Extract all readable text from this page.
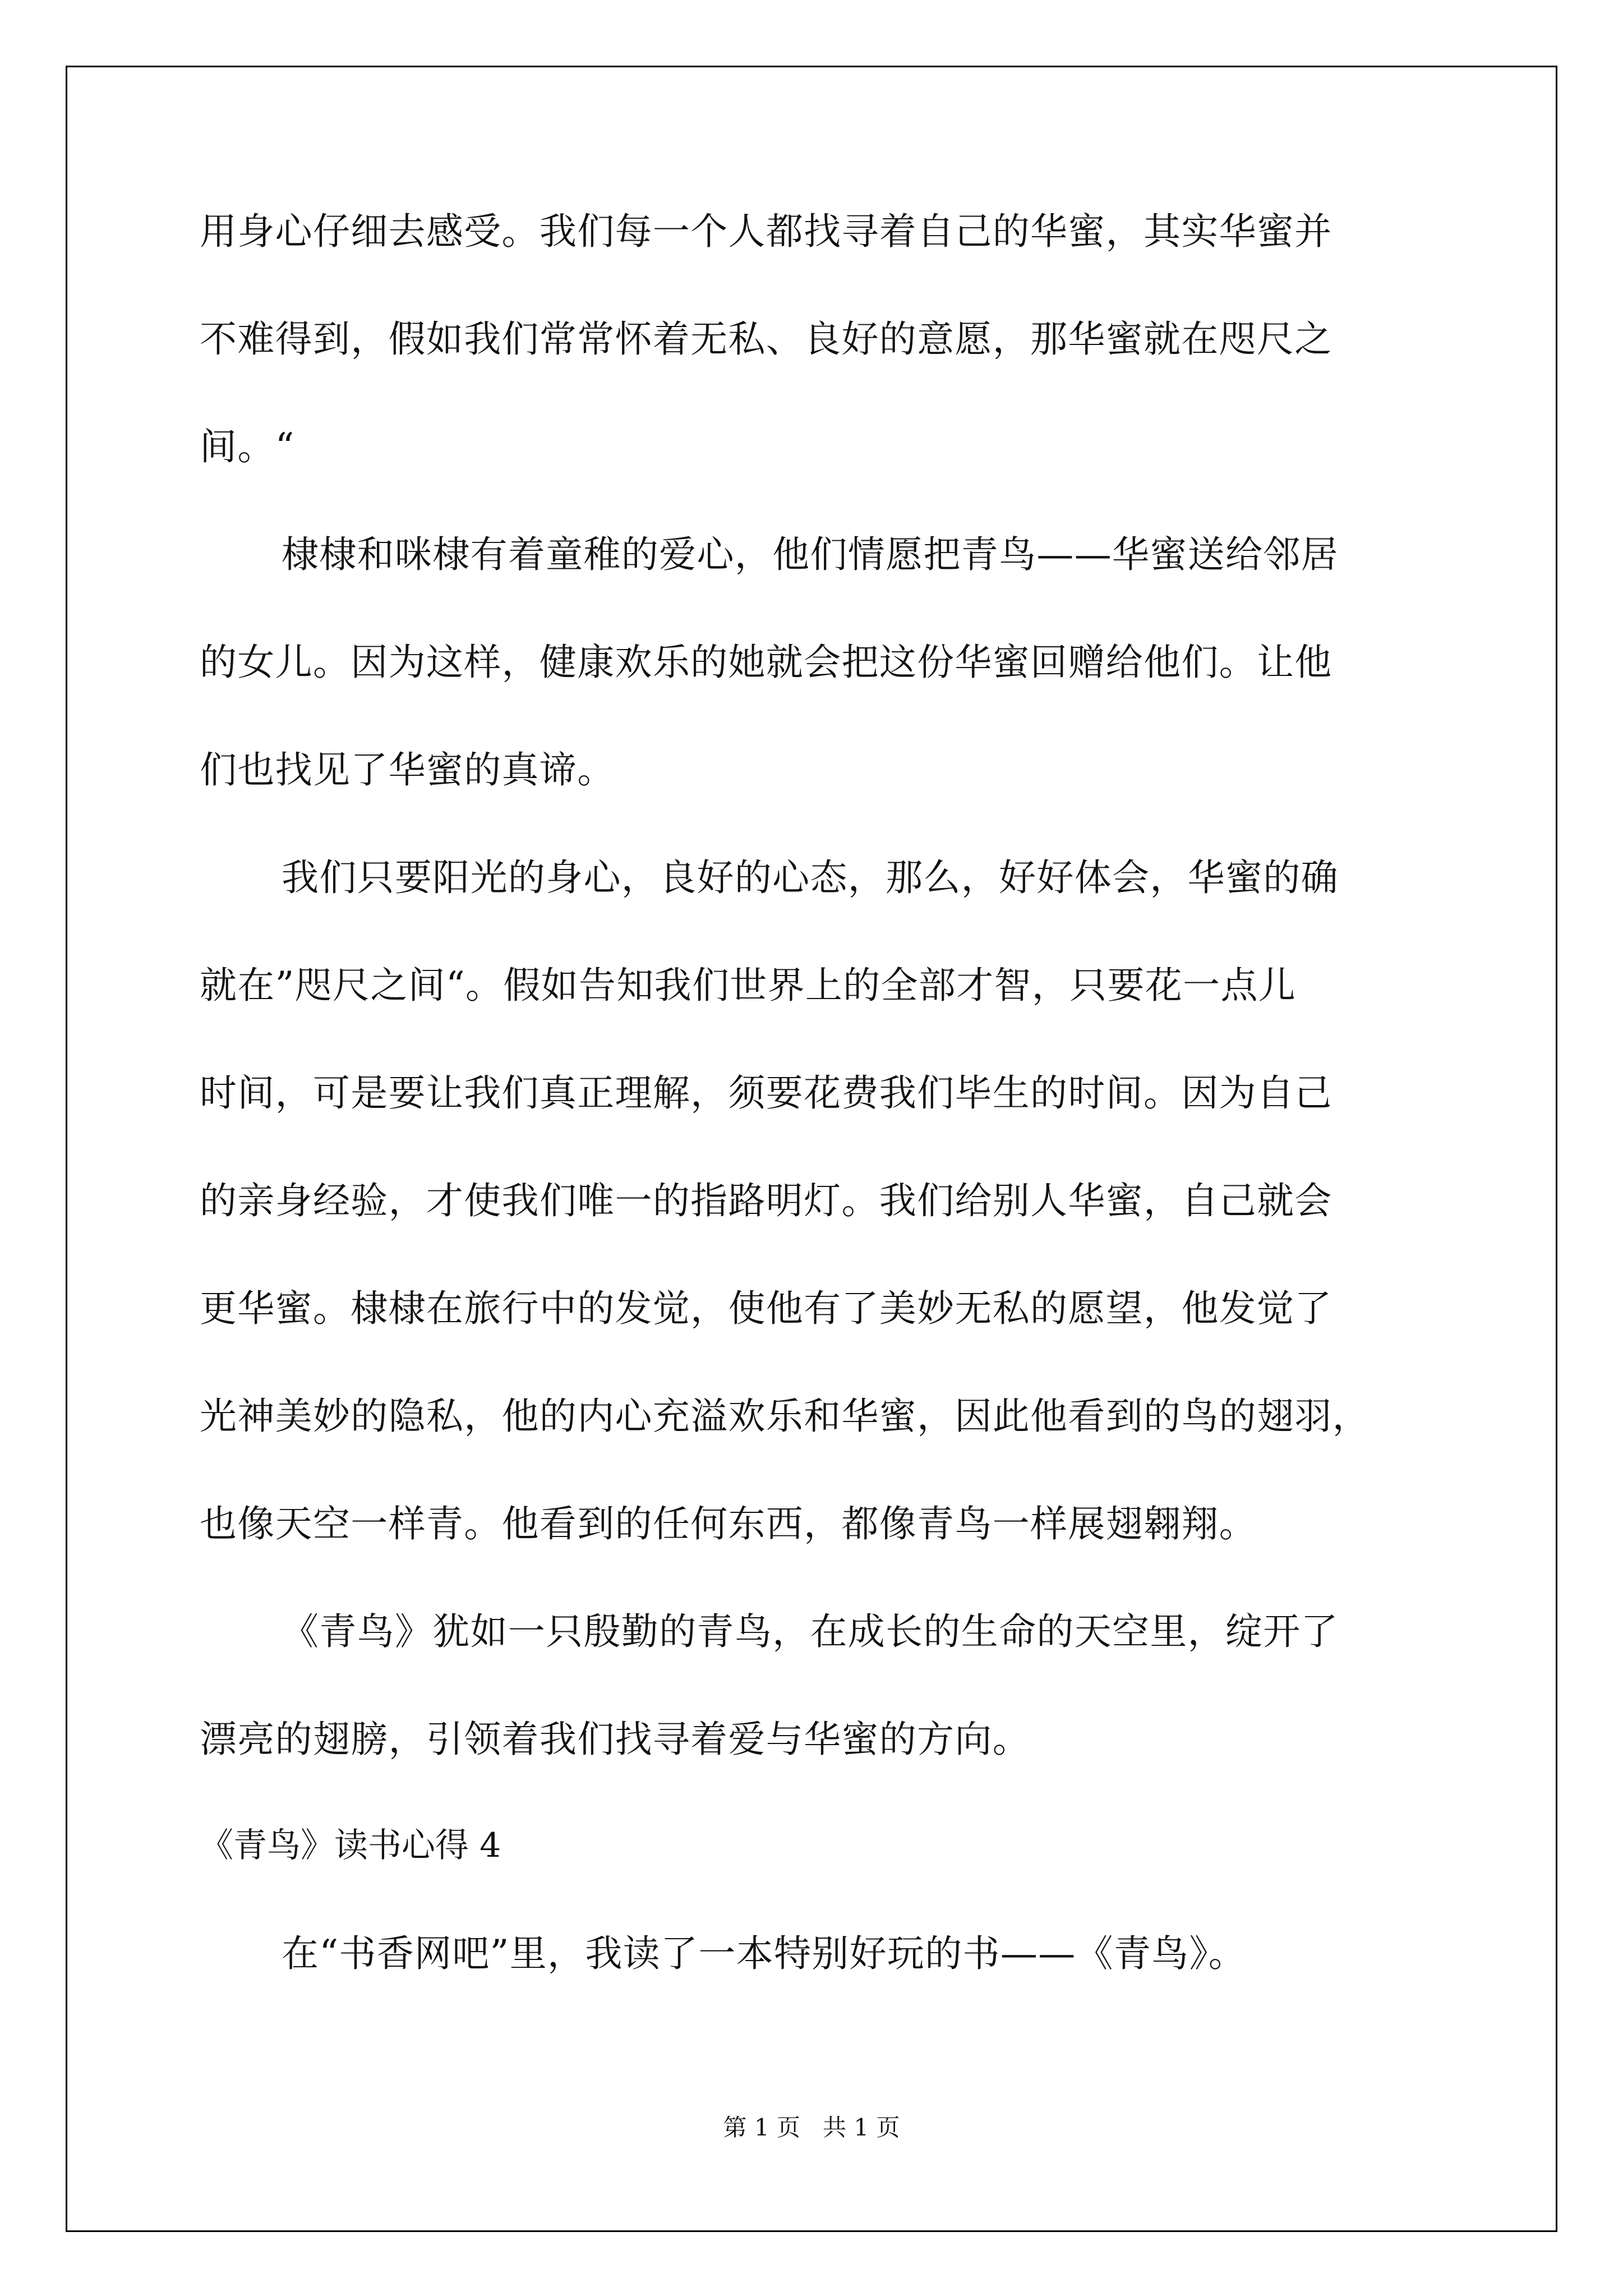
用身心仔细去感受。我们每一个人都找寻着自己的华蜜，其实华蜜并
不难得到，假如我们常常怀着无私、良好的意愿，那华蜜就在咫尺之
间。“
棣棣和咪棣有着童稚的爱心，他们情愿把青鸟——华蜜送给邻居
的女儿。因为这样，健康欢乐的她就会把这份华蜜回赠给他们。让他
们也找见了华蜜的真谛。
我们只要阳光的身心，良好的心态，那么，好好体会，华蜜的确
就在”咫尺之间“。假如告知我们世界上的全部才智，只要花一点儿
时间，可是要让我们真正理解，须要花费我们毕生的时间。因为自己
的亲身经验，才使我们唯一的指路明灯。我们给别人华蜜，自己就会
更华蜜。棣棣在旅行中的发觉，使他有了美妙无私的愿望，他发觉了
光神美妙的隐私，他的内心充溢欢乐和华蜜，因此他看到的鸟的翅羽，
也像天空一样青。他看到的任何东西，都像青鸟一样展翅翱翔。
《青鸟》犹如一只殷勤的青鸟，在成长的生命的天空里，绽开了
漂亮的翅膀，引领着我们找寻着爱与华蜜的方向。
《青鸟》读书心得 4
在“书香网吧”里，我读了一本特别好玩的书——《青鸟》。
第 1 页   共 1 页
